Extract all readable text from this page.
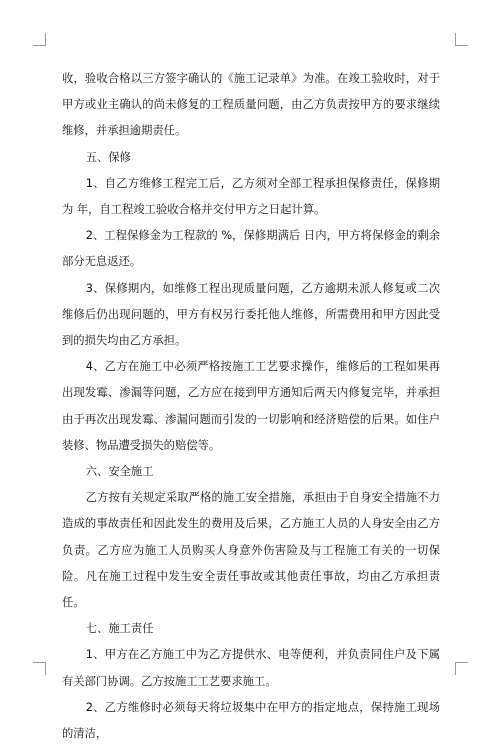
收，验收合格以三方签字确认的《施工记录单》为准。在竣工验收时，对于甲方或业主确认的尚未修复的工程质量问题，由乙方负责按甲方的要求继续维修，并承担逾期责任。

五、保修

1、自乙方维修工程完工后，乙方须对全部工程承担保修责任，保修期为 年，自工程竣工验收合格并交付甲方之日起计算。

2、工程保修金为工程款的 %，保修期满后 日内，甲方将保修金的剩余部分无息返还。

3、保修期内，如维修工程出现质量问题，乙方逾期未派人修复或二次维修后仍出现问题的，甲方有权另行委托他人维修，所需费用和甲方因此受到的损失均由乙方承担。

4、乙方在施工中必须严格按施工工艺要求操作，维修后的工程如果再出现发霉、渗漏等问题，乙方应在接到甲方通知后两天内修复完毕，并承担由于再次出现发霉、渗漏问题而引发的一切影响和经济赔偿的后果。如住户装修、物品遭受损失的赔偿等。

六、安全施工

乙方按有关规定采取严格的施工安全措施，承担由于自身安全措施不力造成的事故责任和因此发生的费用及后果，乙方施工人员的人身安全由乙方负责。乙方应为施工人员购买人身意外伤害险及与工程施工有关的一切保险。凡在施工过程中发生安全责任事故或其他责任事故，均由乙方承担责任。

七、施工责任

1、甲方在乙方施工中为乙方提供水、电等便利，并负责同住户及下属有关部门协调。乙方按施工工艺要求施工。

2、乙方维修时必须每天将垃圾集中在甲方的指定地点，保持施工现场的清洁，
